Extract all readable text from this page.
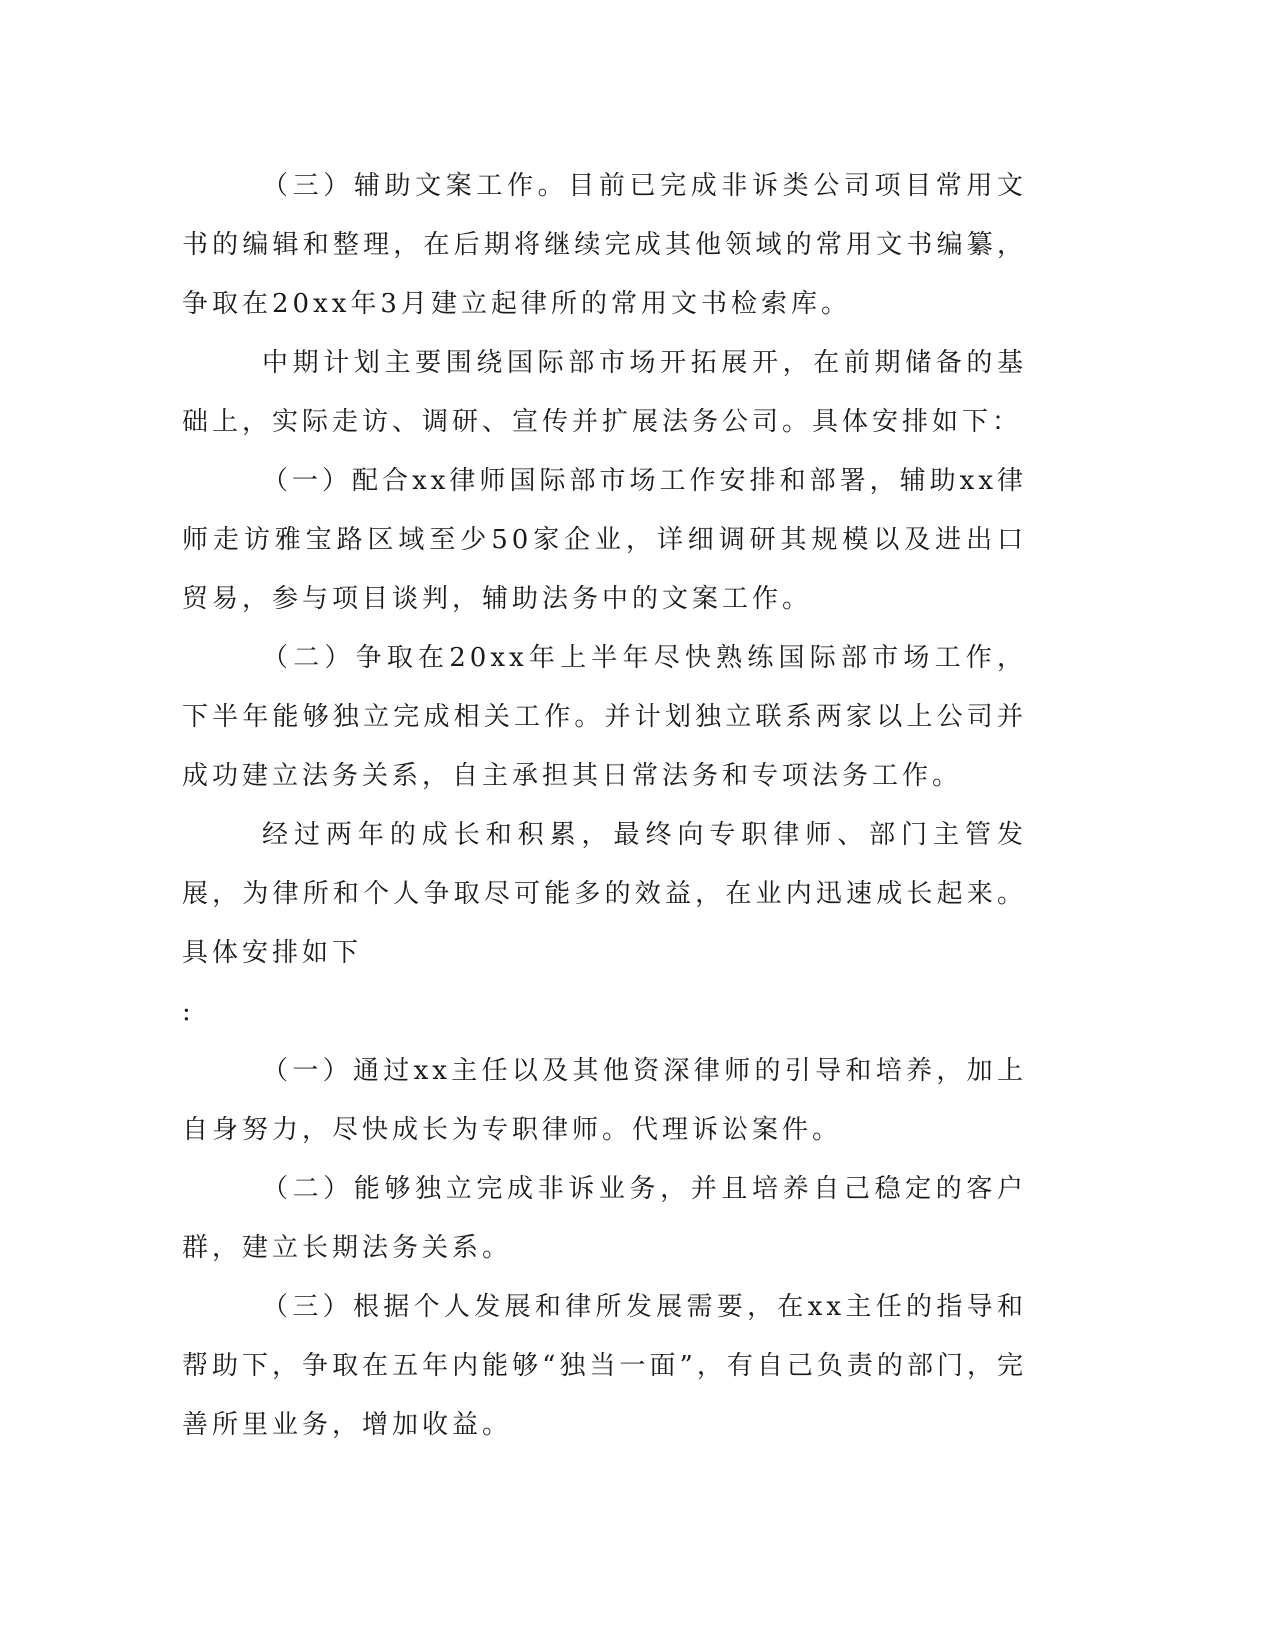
（三）辅助文案工作。目前已完成非诉类公司项目常用文书的编辑和整理，在后期将继续完成其他领域的常用文书编纂，争取在20xx年3月建立起律所的常用文书检索库。

中期计划主要围绕国际部市场开拓展开，在前期储备的基础上，实际走访、调研、宣传并扩展法务公司。具体安排如下：

（一）配合xx律师国际部市场工作安排和部署，辅助xx律师走访雅宝路区域至少50家企业，详细调研其规模以及进出口贸易，参与项目谈判，辅助法务中的文案工作。

（二）争取在20xx年上半年尽快熟练国际部市场工作，下半年能够独立完成相关工作。并计划独立联系两家以上公司并成功建立法务关系，自主承担其日常法务和专项法务工作。

经过两年的成长和积累，最终向专职律师、部门主管发展，为律所和个人争取尽可能多的效益，在业内迅速成长起来。具体安排如下

:

（一）通过xx主任以及其他资深律师的引导和培养，加上自身努力，尽快成长为专职律师。代理诉讼案件。

（二）能够独立完成非诉业务，并且培养自己稳定的客户群，建立长期法务关系。

（三）根据个人发展和律所发展需要，在xx主任的指导和帮助下，争取在五年内能够“独当一面”，有自己负责的部门，完善所里业务，增加收益。
